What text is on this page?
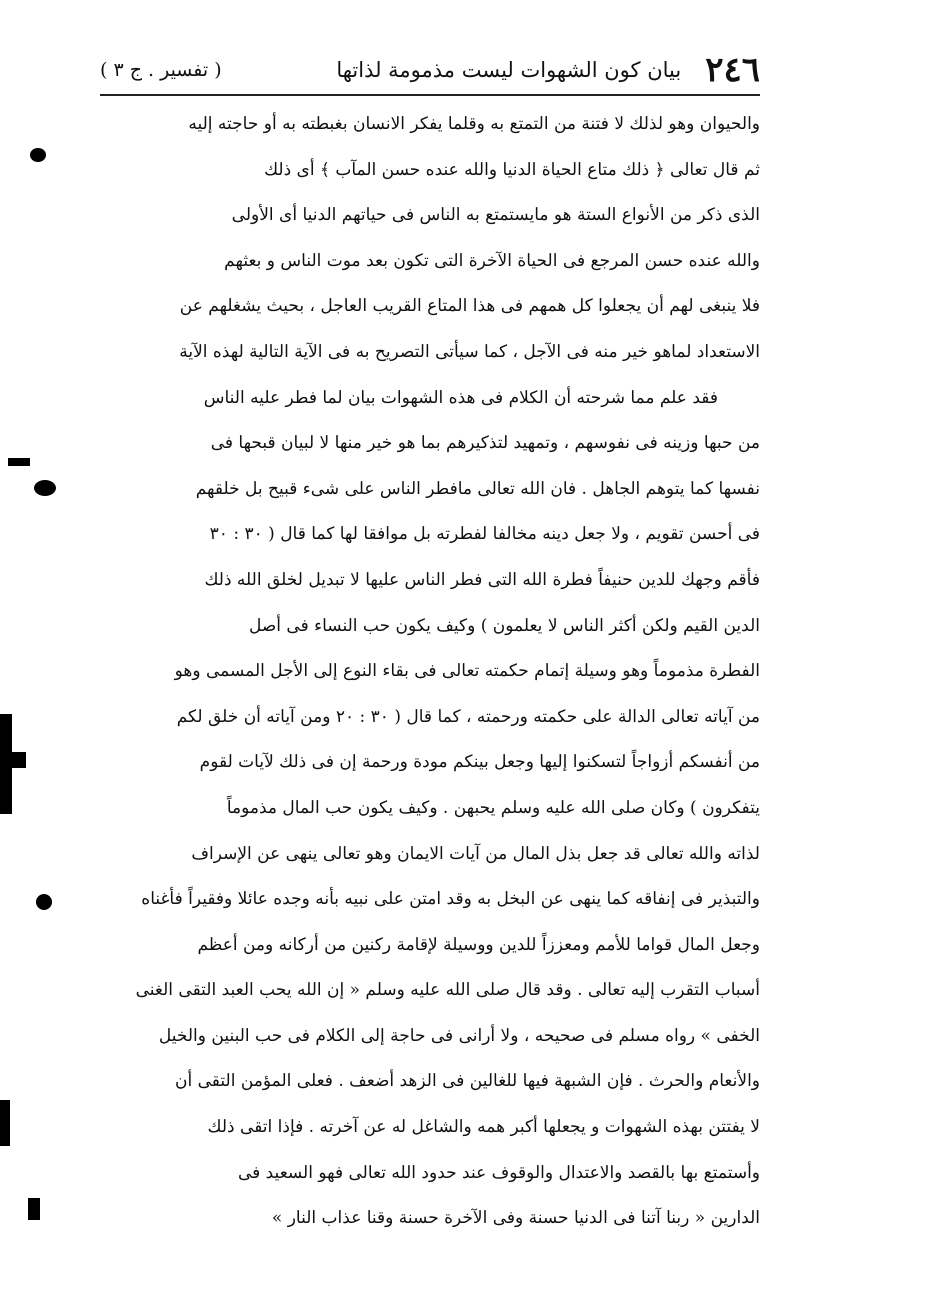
٢٤٦
بيان كون الشهوات ليست مذمومة لذاتها
( تفسير . ج ٣ )
والحيوان وهو لذلك لا فتنة من التمتع به وقلما يفكر الانسان بغبطته به أو حاجته إليه
ثم قال تعالى ﴿ ذلك متاع الحياة الدنيا والله عنده حسن المآب ﴾ أى ذلك
الذى ذكر من الأنواع الستة هو مايستمتع به الناس فى حياتهم الدنيا أى الأولى
والله عنده حسن المرجع فى الحياة الآخرة التى تكون بعد موت الناس و بعثهم
فلا ينبغى لهم أن يجعلوا كل همهم فى هذا المتاع القريب العاجل ، بحيث يشغلهم عن
الاستعداد لماهو خير منه فى الآجل ، كما سيأتى التصريح به فى الآية التالية لهذه الآية
فقد علم مما شرحته أن الكلام فى هذه الشهوات بيان لما فطر عليه الناس
من حبها وزينه فى نفوسهم ، وتمهيد لتذكيرهم بما هو خير منها لا لبيان قبحها فى
نفسها كما يتوهم الجاهل . فان الله تعالى مافطر الناس على شىء قبيح بل خلقهم
فى أحسن تقويم ، ولا جعل دينه مخالفا لفطرته بل موافقا لها كما قال ( ٣٠ : ٣٠
فأقم وجهك للدين حنيفاً فطرة الله التى فطر الناس عليها لا تبديل لخلق الله ذلك
الدين القيم ولكن أكثر الناس لا يعلمون ) وكيف يكون حب النساء فى أصل
الفطرة مذموماً وهو وسيلة إتمام حكمته تعالى فى بقاء النوع إلى الأجل المسمى وهو
من آياته تعالى الدالة على حكمته ورحمته ، كما قال ( ٣٠ : ٢٠ ومن آياته أن خلق لكم
من أنفسكم أزواجاً لتسكنوا إليها وجعل بينكم مودة ورحمة إن فى ذلك لآيات لقوم
يتفكرون ) وكان صلى الله عليه وسلم يحبهن . وكيف يكون حب المال مذموماً
لذاته والله تعالى قد جعل بذل المال من آيات الايمان وهو تعالى ينهى عن الإسراف
والتبذير فى إنفاقه كما ينهى عن البخل به وقد امتن على نبيه بأنه وجده عائلا وفقيراً فأغناه
وجعل المال قواما للأمم ومعززاً للدين ووسيلة لإقامة ركنين من أركانه ومن أعظم
أسباب التقرب إليه تعالى . وقد قال صلى الله عليه وسلم « إن الله يحب العبد التقى الغنى
الخفى » رواه مسلم فى صحيحه ، ولا أرانى فى حاجة إلى الكلام فى حب البنين والخيل
والأنعام والحرث . فإن الشبهة فيها للغالين فى الزهد أضعف . فعلى المؤمن التقى أن
لا يفتتن بهذه الشهوات و يجعلها أكبر همه والشاغل له عن آخرته . فإذا اتقى ذلك
وأستمتع بها بالقصد والاعتدال والوقوف عند حدود الله تعالى فهو السعيد فى
الدارين « ربنا آتنا فى الدنيا حسنة وفى الآخرة حسنة وقنا عذاب النار »
